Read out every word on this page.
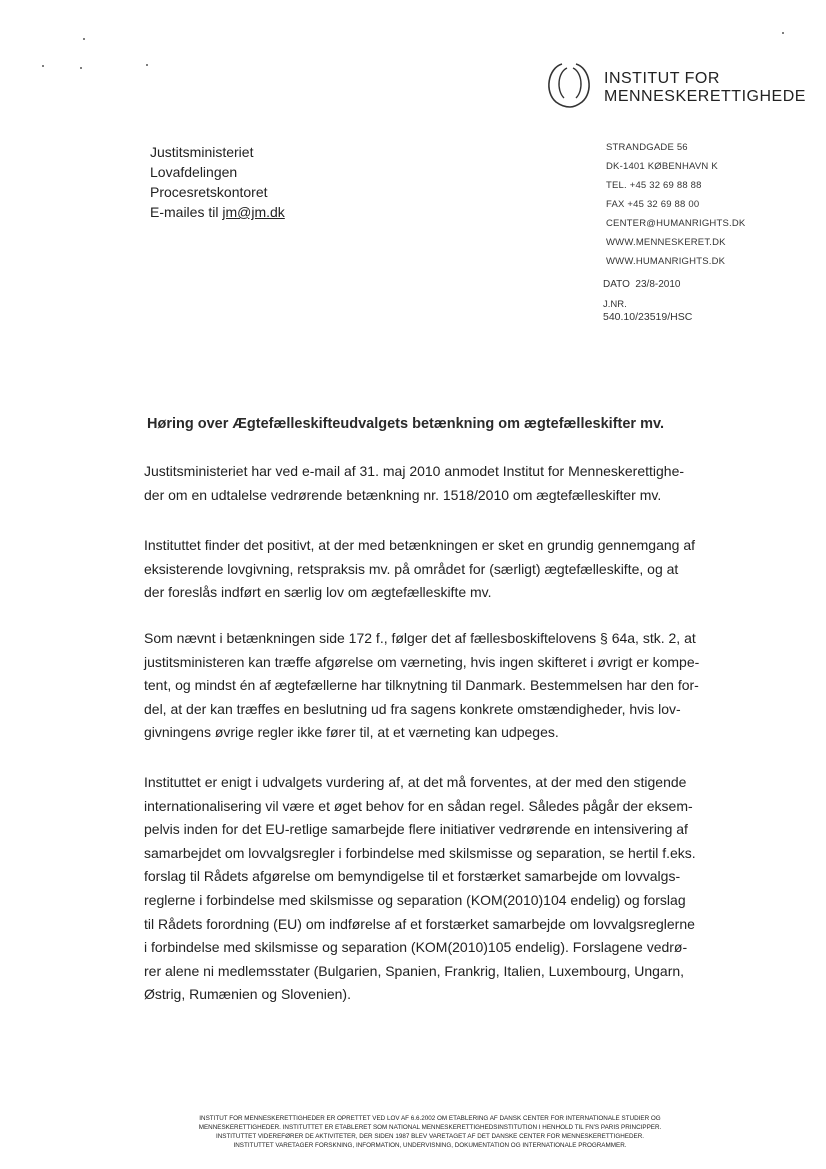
INSTITUT FOR
MENNESKERETTIGHEDE
Justitsministeriet
Lovafdelingen
Procesretskontoret
E-mailes til jm@jm.dk
STRANDGADE 56
DK-1401 KØBENHAVN K
TEL. +45 32 69 88 88
FAX +45 32 69 88 00
CENTER@HUMANRIGHTS.DK
WWW.MENNESKERET.DK
WWW.HUMANRIGHTS.DK
DATO 23/8-2010
J.NR.
540.10/23519/HSC
Høring over Ægtefælleskifteudvalgets betænkning om ægtefælleskifter mv.
Justitsministeriet har ved e-mail af 31. maj 2010 anmodet Institut for Menneskerettighe-
der om en udtalelse vedrørende betænkning nr. 1518/2010 om ægtefælleskifter mv.
Instituttet finder det positivt, at der med betænkningen er sket en grundig gennemgang af
eksisterende lovgivning, retspraksis mv. på området for (særligt) ægtefælleskifte, og at
der foreslås indført en særlig lov om ægtefælleskifte mv.
Som nævnt i betænkningen side 172 f., følger det af fællesboskiftelovens § 64a, stk. 2, at
justitsministeren kan træffe afgørelse om værneting, hvis ingen skifteret i øvrigt er kompe-
tent, og mindst én af ægtefællerne har tilknytning til Danmark. Bestemmelsen har den for-
del, at der kan træffes en beslutning ud fra sagens konkrete omstændigheder, hvis lov-
givningens øvrige regler ikke fører til, at et værneting kan udpeges.
Instituttet er enigt i udvalgets vurdering af, at det må forventes, at der med den stigende
internationalisering vil være et øget behov for en sådan regel. Således pågår der eksem-
pelvis inden for det EU-retlige samarbejde flere initiativer vedrørende en intensivering af
samarbejdet om lovvalgsregler i forbindelse med skilsmisse og separation, se hertil f.eks.
forslag til Rådets afgørelse om bemyndigelse til et forstærket samarbejde om lovvalgs-
reglerne i forbindelse med skilsmisse og separation (KOM(2010)104 endelig) og forslag
til Rådets forordning (EU) om indførelse af et forstærket samarbejde om lovvalgsreglerne
i forbindelse med skilsmisse og separation (KOM(2010)105 endelig). Forslagene vedrø-
rer alene ni medlemsstater (Bulgarien, Spanien, Frankrig, Italien, Luxembourg, Ungarn,
Østrig, Rumænien og Slovenien).
INSTITUT FOR MENNESKERETTIGHEDER ER OPRETTET VED LOV AF 6.6.2002 OM ETABLERING AF DANSK CENTER FOR INTERNATIONALE STUDIER OG
MENNESKERETTIGHEDER. INSTITUTTET ER ETABLERET SOM NATIONAL MENNESKERETTIGHEDSINSTITUTION I HENHOLD TIL FN'S PARIS PRINCIPPER.
INSTITUTTET VIDEREFØRER DE AKTIVITETER, DER SIDEN 1987 BLEV VARETAGET AF DET DANSKE CENTER FOR MENNESKERETTIGHEDER.
INSTITUTTET VARETAGER FORSKNING, INFORMATION, UNDERVISNING, DOKUMENTATION OG INTERNATIONALE PROGRAMMER.
